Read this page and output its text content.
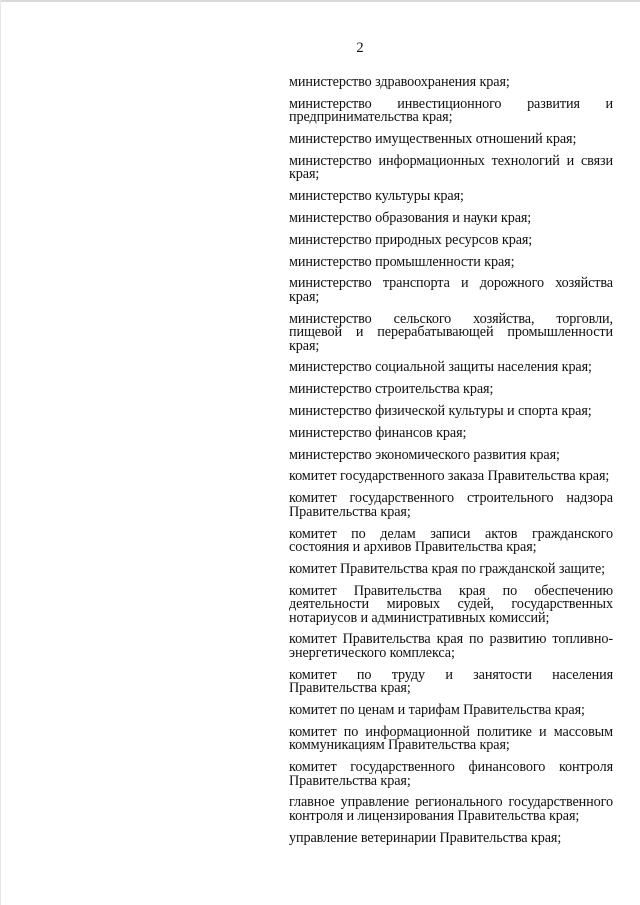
2
министерство здравоохранения края;
министерство инвестиционного развития и предпринимательства края;
министерство имущественных отношений края;
министерство информационных технологий и связи края;
министерство культуры края;
министерство образования и науки края;
министерство природных ресурсов края;
министерство промышленности края;
министерство транспорта и дорожного хозяйства края;
министерство сельского хозяйства, торговли, пищевой и перерабатывающей промышленности края;
министерство социальной защиты населения края;
министерство строительства края;
министерство физической культуры и спорта края;
министерство финансов края;
министерство экономического развития края;
комитет государственного заказа Правительства края;
комитет государственного строительного надзора Правительства края;
комитет по делам записи актов гражданского состояния и архивов Правительства края;
комитет Правительства края по гражданской защите;
комитет Правительства края по обеспечению деятельности мировых судей, государственных нотариусов и административных комиссий;
комитет Правительства края по развитию топливно-энергетического комплекса;
комитет по труду и занятости населения Правительства края;
комитет по ценам и тарифам Правительства края;
комитет по информационной политике и массовым коммуникациям Правительства края;
комитет государственного финансового контроля Правительства края;
главное управление регионального государственного контроля и лицензирования Правительства края;
управление ветеринарии Правительства края;
